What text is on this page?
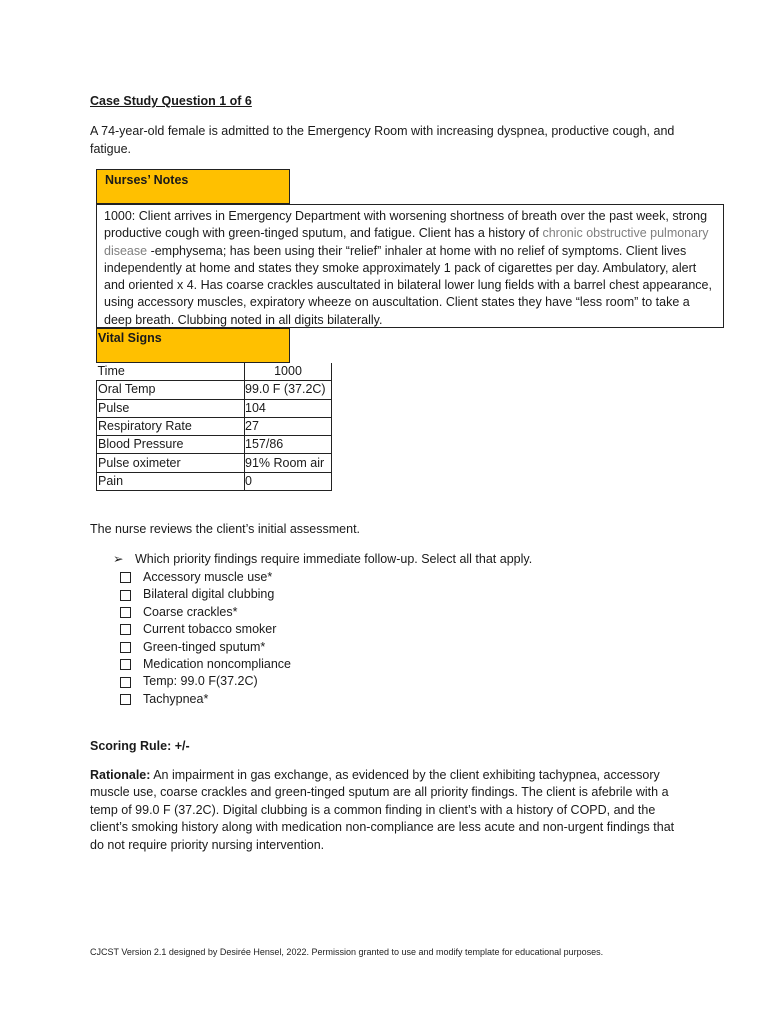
Case Study Question 1 of 6
A 74-year-old female is admitted to the Emergency Room with increasing dyspnea, productive cough, and fatigue.
Nurses’ Notes
1000: Client arrives in Emergency Department with worsening shortness of breath over the past week, strong productive cough with green-tinged sputum, and fatigue. Client has a history of chronic obstructive pulmonary disease -emphysema; has been using their “relief” inhaler at home with no relief of symptoms. Client lives independently at home and states they smoke approximately 1 pack of cigarettes per day. Ambulatory, alert and oriented x 4. Has coarse crackles auscultated in bilateral lower lung fields with a barrel chest appearance, using accessory muscles, expiratory wheeze on auscultation. Client states they have “less room” to take a deep breath. Clubbing noted in all digits bilaterally.
Vital Signs
Time	1000
Oral Temp	99.0 F (37.2C)
Pulse	104
Respiratory Rate	27
Blood Pressure	157/86
Pulse oximeter	91% Room air
Pain	0
The nurse reviews the client’s initial assessment.
➢ Which priority findings require immediate follow-up. Select all that apply.
Accessory muscle use*
Bilateral digital clubbing
Coarse crackles*
Current tobacco smoker
Green-tinged sputum*
Medication noncompliance
Temp: 99.0 F(37.2C)
Tachypnea*
Scoring Rule: +/-
Rationale: An impairment in gas exchange, as evidenced by the client exhibiting tachypnea, accessory muscle use, coarse crackles and green-tinged sputum are all priority findings. The client is afebrile with a temp of 99.0 F (37.2C). Digital clubbing is a common finding in client’s with a history of COPD, and the client’s smoking history along with medication non-compliance are less acute and non-urgent findings that do not require priority nursing intervention.
CJCST Version 2.1 designed by Desirée Hensel, 2022. Permission granted to use and modify template for educational purposes.
